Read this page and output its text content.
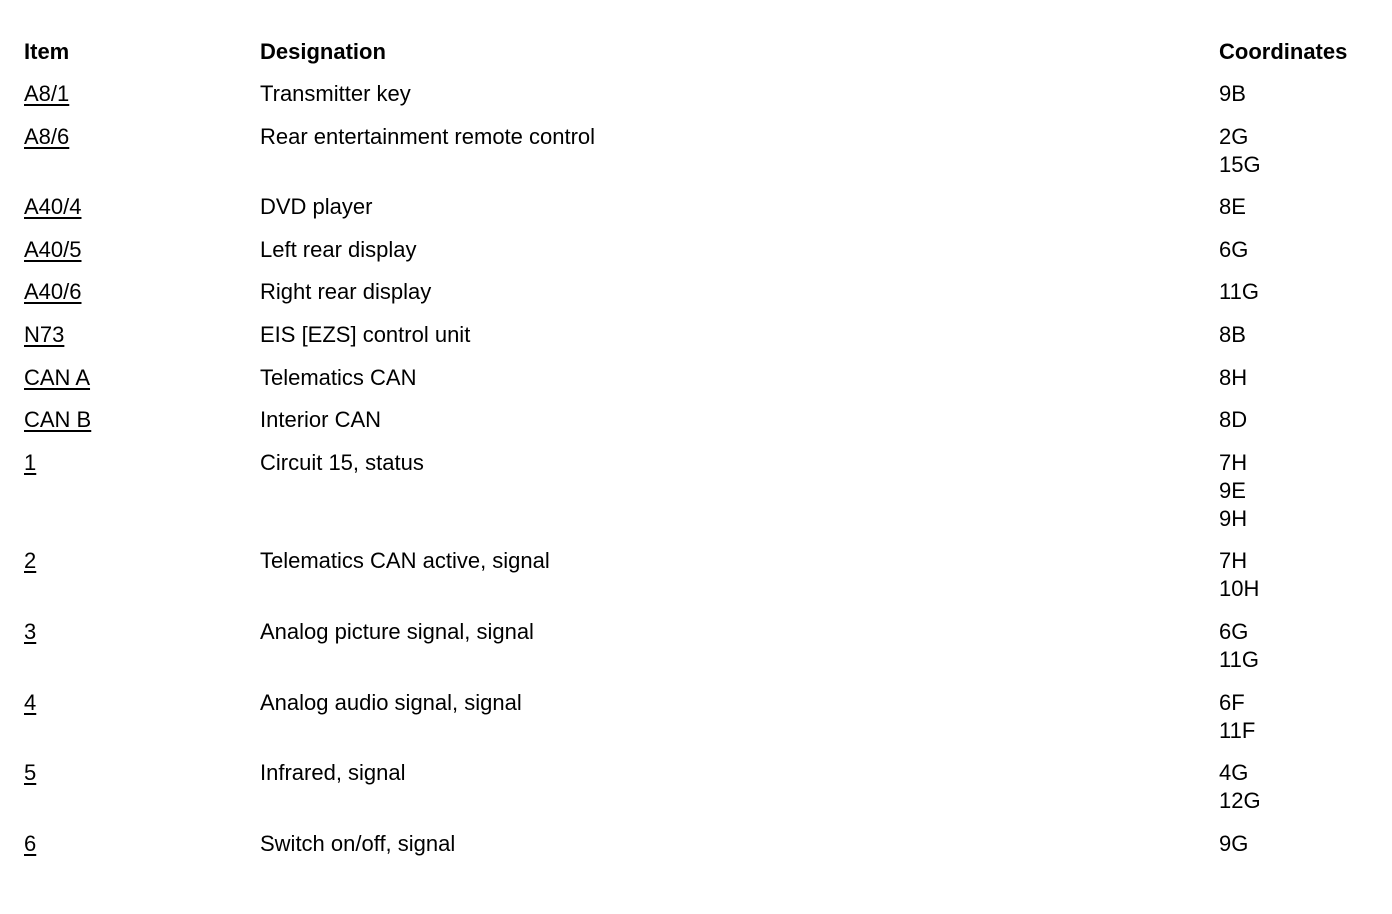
Item	Designation	Coordinates
A8/1	Transmitter key	9B
A8/6	Rear entertainment remote control	2G
15G
A40/4	DVD player	8E
A40/5	Left rear display	6G
A40/6	Right rear display	11G
N73	EIS [EZS] control unit	8B
CAN A	Telematics CAN	8H
CAN B	Interior CAN	8D
1	Circuit 15, status	7H
9E
9H
2	Telematics CAN active, signal	7H
10H
3	Analog picture signal, signal	6G
11G
4	Analog audio signal, signal	6F
11F
5	Infrared, signal	4G
12G
6	Switch on/off, signal	9G
